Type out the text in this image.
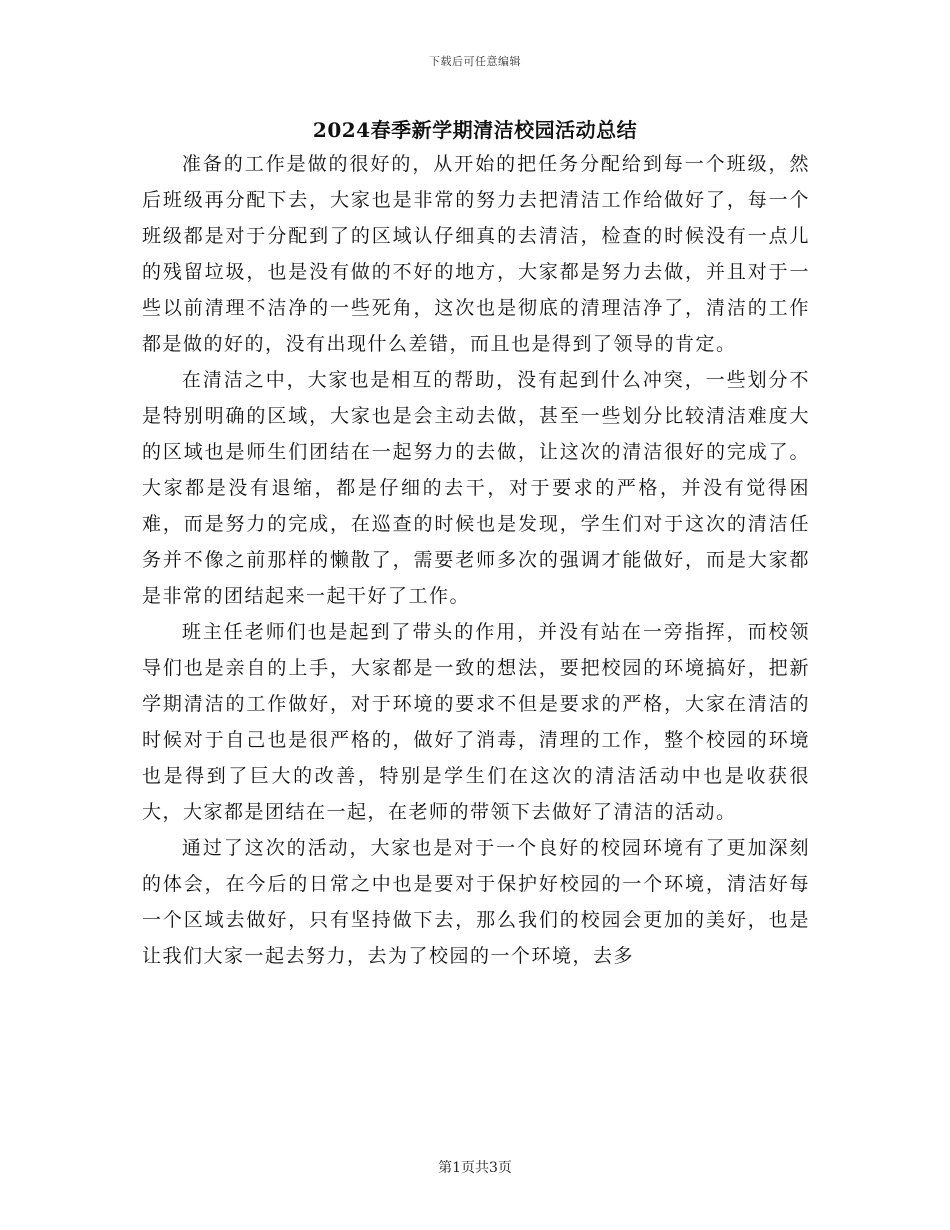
下载后可任意编辑
2024春季新学期清洁校园活动总结

准备的工作是做的很好的，从开始的把任务分配给到每一个班级，然后班级再分配下去，大家也是非常的努力去把清洁工作给做好了，每一个班级都是对于分配到了的区域认仔细真的去清洁，检查的时候没有一点儿的残留垃圾，也是没有做的不好的地方，大家都是努力去做，并且对于一些以前清理不洁净的一些死角，这次也是彻底的清理洁净了，清洁的工作都是做的好的，没有出现什么差错，而且也是得到了领导的肯定。

在清洁之中，大家也是相互的帮助，没有起到什么冲突，一些划分不是特别明确的区域，大家也是会主动去做，甚至一些划分比较清洁难度大的区域也是师生们团结在一起努力的去做，让这次的清洁很好的完成了。大家都是没有退缩，都是仔细的去干，对于要求的严格，并没有觉得困难，而是努力的完成，在巡查的时候也是发现，学生们对于这次的清洁任务并不像之前那样的懒散了，需要老师多次的强调才能做好，而是大家都是非常的团结起来一起干好了工作。

班主任老师们也是起到了带头的作用，并没有站在一旁指挥，而校领导们也是亲自的上手，大家都是一致的想法，要把校园的环境搞好，把新学期清洁的工作做好，对于环境的要求不但是要求的严格，大家在清洁的时候对于自己也是很严格的，做好了消毒，清理的工作，整个校园的环境也是得到了巨大的改善，特别是学生们在这次的清洁活动中也是收获很大，大家都是团结在一起，在老师的带领下去做好了清洁的活动。

通过了这次的活动，大家也是对于一个良好的校园环境有了更加深刻的体会，在今后的日常之中也是要对于保护好校园的一个环境，清洁好每一个区域去做好，只有坚持做下去，那么我们的校园会更加的美好，也是让我们大家一起去努力，去为了校园的一个环境，去多

第1页共3页
